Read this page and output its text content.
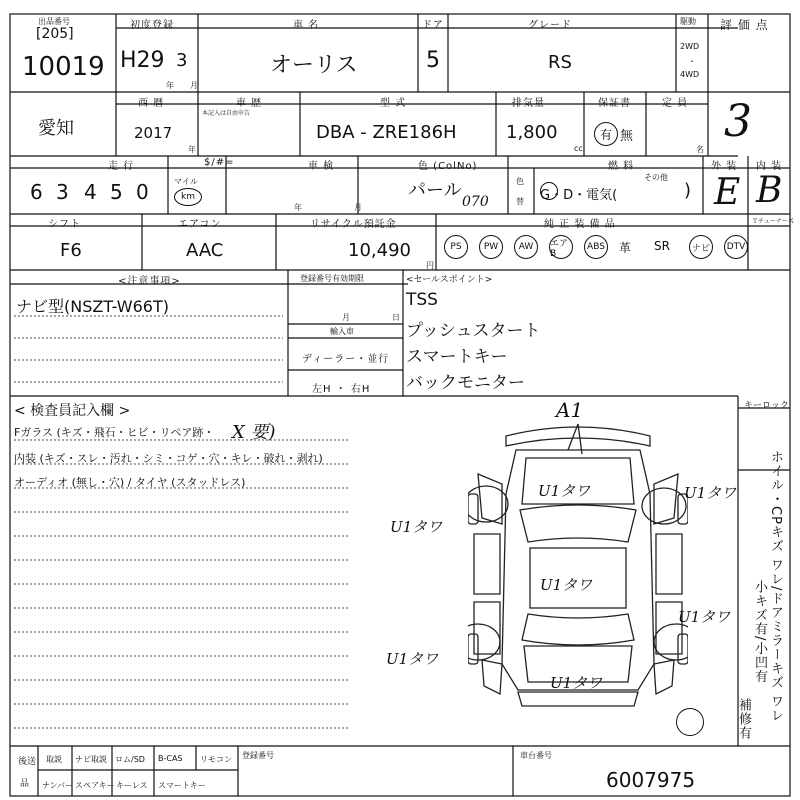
出品番号
[205]
10019
初度登録
H29 3
年 月
車 名
オーリス
ドア
5
グレード
RS
駆動
2WD
・
4WD
評 価 点
3
愛知
西 暦
2017
年
車 歴
本記入は自由申告
型 式
DBA - ZRE186H
排気量
1,800
cc
保証書
有 無
定 員
名
走 行
6 3 4 5 0	マイル
km
$/#=	車 検
年	月
色 (ColNo)
パール
070
色
替
燃 料
G・D・電気(
その他
)
外 装
E
内 装
B
シフト
F6
エアコン
AAC
リサイクル預託金
10,490
円
純 正 装 備 品	Ｔチューナー名
PS	PW	AW	エアB
ABS 革 SR	ナビ	DTV
<注意事項>
ナビ型(NSZT-W66T)
登録番号有効期限
月	日
輸入車
ディーラー・並行
左H ・ 右H
<セールスポイント>
TSS
プッシュスタート
スマートキー
バックモニター
< 検査員記入欄 >
Fガラス (キズ・飛石・ヒビ・リペア跡・ X 要)
内装 (キズ・スレ・汚れ・シミ・コゲ・穴・キレ・破れ・剥れ)
オーディオ (無し・穴) / タイヤ (スタッドレス)
キーロック
ホイル・CPキズ ワレ/ドアミラーキズ ワレ
小キズ有/小凹有
補修有
A1
U1タワ
U1タワ
U1タワ
U1タワ
U1タワ
U1タワ
U1タワ
後送
品
取説 ナビ取説 ロム/SD B-CAS リモコン
ナンバー スペアキー キーレス スマートキー
登録番号	車台番号
6007975
